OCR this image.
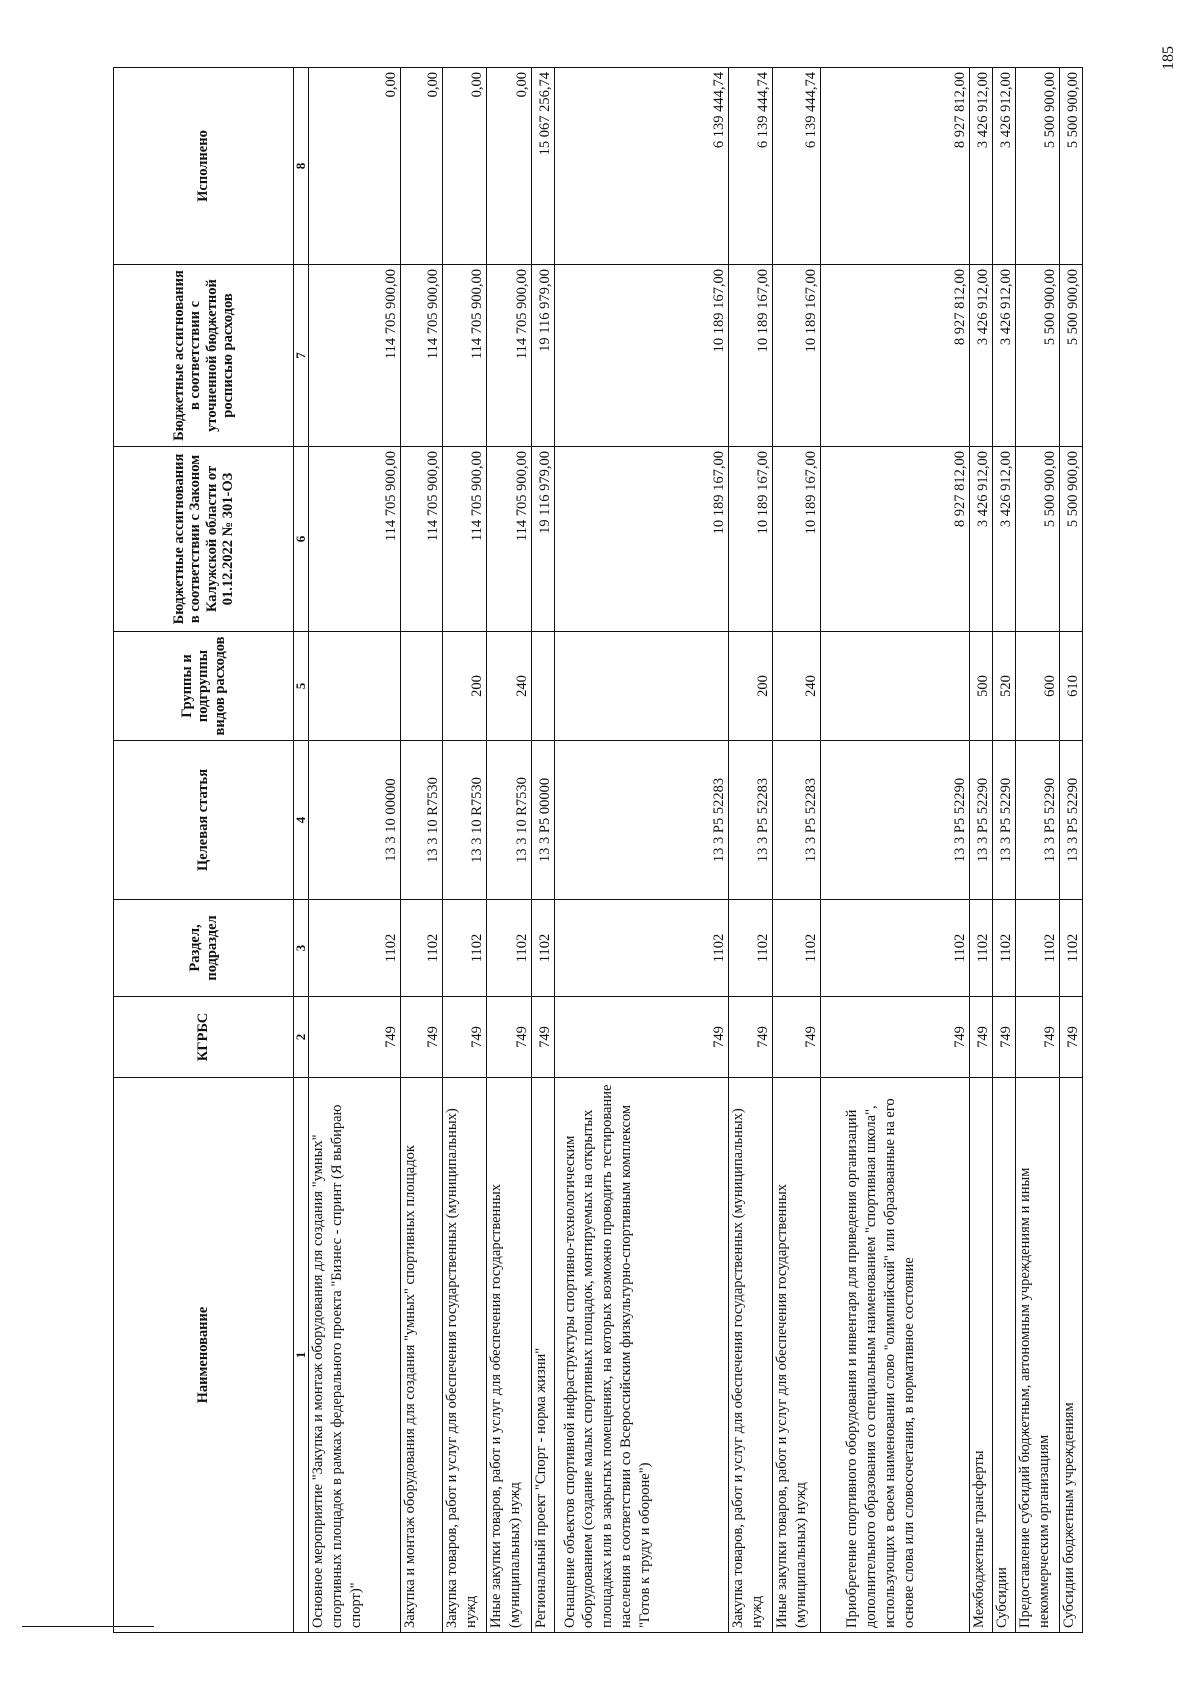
185
Наименование	КГРБС	Раздел, подраздел	Целевая статья	Группы и подгруппы видов расходов	Бюджетные ассигнования в соответствии с Законом Калужской области от 01.12.2022 № 301-ОЗ	Бюджетные ассигнования в соответствии с уточненной бюджетной росписью расходов	Исполнено
1	2	3	4	5	6	7	8
Основное мероприятие "Закупка и монтаж оборудования для создания "умных" спортивных площадок в рамках федерального проекта "Бизнес - спринт (Я выбираю спорт)"	749	1102	13 3 10 00000		114 705 900,00	114 705 900,00	0,00
Закупка и монтаж оборудования для создания "умных" спортивных площадок	749	1102	13 3 10 R7530		114 705 900,00	114 705 900,00	0,00
Закупка товаров, работ и услуг для обеспечения государственных (муниципальных) нужд	749	1102	13 3 10 R7530	200	114 705 900,00	114 705 900,00	0,00
Иные закупки товаров, работ и услуг для обеспечения государственных (муниципальных) нужд	749	1102	13 3 10 R7530	240	114 705 900,00	114 705 900,00	0,00
Региональный проект "Спорт - норма жизни"	749	1102	13 3 P5 00000		19 116 979,00	19 116 979,00	15 067 256,74
Оснащение объектов спортивной инфраструктуры спортивно-технологическим оборудованием (создание малых спортивных площадок, монтируемых на открытых площадках или в закрытых помещениях, на которых возможно проводить тестирование населения в соответствии со Всероссийским физкультурно-спортивным комплексом "Готов к труду и обороне")	749	1102	13 3 P5 52283		10 189 167,00	10 189 167,00	6 139 444,74
Закупка товаров, работ и услуг для обеспечения государственных (муниципальных) нужд	749	1102	13 3 P5 52283	200	10 189 167,00	10 189 167,00	6 139 444,74
Иные закупки товаров, работ и услуг для обеспечения государственных (муниципальных) нужд	749	1102	13 3 P5 52283	240	10 189 167,00	10 189 167,00	6 139 444,74
Приобретение спортивного оборудования и инвентаря для приведения организаций дополнительного образования со специальным наименованием "спортивная школа", использующих в своем наименовании слово "олимпийский" или образованные на его основе слова или словосочетания, в нормативное состояние	749	1102	13 3 P5 52290		8 927 812,00	8 927 812,00	8 927 812,00
Межбюджетные трансферты	749	1102	13 3 P5 52290	500	3 426 912,00	3 426 912,00	3 426 912,00
Субсидии	749	1102	13 3 P5 52290	520	3 426 912,00	3 426 912,00	3 426 912,00
Предоставление субсидий бюджетным, автономным учреждениям и иным некоммерческим организациям	749	1102	13 3 P5 52290	600	5 500 900,00	5 500 900,00	5 500 900,00
Субсидии бюджетным учреждениям	749	1102	13 3 P5 52290	610	5 500 900,00	5 500 900,00	5 500 900,00
